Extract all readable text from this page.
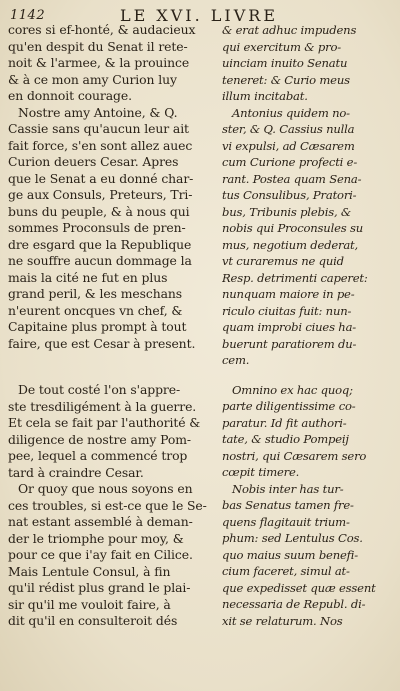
1142	LE XVI. LIVRE
cores si ef-honté, & audacieux
qu'en despit du Senat il rete-
noit & l'armee, & la prouince
& à ce mon amy Curion luy
en donnoit courage.
Nostre amy Antoine, & Q.
Cassie sans qu'aucun leur ait
fait force, s'en sont allez auec
Curion deuers Cesar. Apres
que le Senat a eu donné char-
ge aux Consuls, Preteurs, Tri-
buns du peuple, & à nous qui
sommes Proconsuls de pren-
dre esgard que la Republique
ne souffre aucun dommage la
mais la cité ne fut en plus
grand peril, & les meschans
n'eurent oncques vn chef, &
Capitaine plus prompt à tout
faire, que est Cesar à present.
De tout costé l'on s'appre-
ste tresdiligément à la guerre.
Et cela se fait par l'authorité &
diligence de nostre amy Pom-
pee, lequel a commencé trop
tard à craindre Cesar.
Or quoy que nous soyons en
ces troubles, si est-ce que le Se-
nat estant assemblé à deman-
der le triomphe pour moy, &
pour ce que i'ay fait en Cilice.
Mais Lentule Consul, à fin
qu'il rédist plus grand le plai-
sir qu'il me vouloit faire, à
dit qu'il en consulteroit dés
& erat adhuc impudens
qui exercitum & pro-
uinciam inuito Senatu
teneret: & Curio meus
illum incitabat.
Antonius quidem no-
ster, & Q. Cassius nulla
vi expulsi, ad Cæsarem
cum Curione profecti e-
rant. Postea quam Sena-
tus Consulibus, Pratori-
bus, Tribunis plebis, &
nobis qui Proconsules su
mus, negotium dederat,
vt curaremus ne quid
Resp. detrimenti caperet:
nunquam maiore in pe-
riculo ciuitas fuit: nun-
quam improbi ciues ha-
buerunt paratiorem du-
cem.
Omnino ex hac quoq;
parte diligentissime co-
paratur. Id fit authori-
tate, & studio Pompeij
nostri, qui Cæsarem sero
cœpit timere.
Nobis inter has tur-
bas Senatus tamen fre-
quens flagitauit trium-
phum: sed Lentulus Cos.
quo maius suum benefi-
cium faceret, simul at-
que expedisset quæ essent
necessaria de Republ. di-
xit se relaturum. Nos
